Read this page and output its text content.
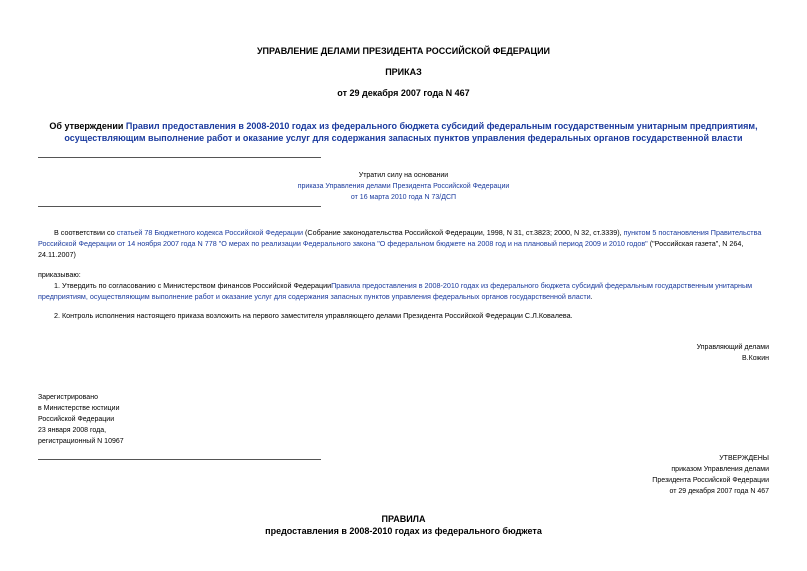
УПРАВЛЕНИЕ ДЕЛАМИ ПРЕЗИДЕНТА РОССИЙСКОЙ ФЕДЕРАЦИИ
ПРИКАЗ
от 29 декабря 2007 года N 467
Об утверждении Правил предоставления в 2008-2010 годах из федерального бюджета субсидий федеральным государственным унитарным предприятиям,
осуществляющим выполнение работ и оказание услуг для содержания запасных пунктов управления федеральных органов государственной власти
Утратил силу на основании
приказа Управления делами Президента Российской Федерации
от 16 марта 2010 года N 73/ДСП
В соответствии со статьей 78 Бюджетного кодекса Российской Федерации (Собрание законодательства Российской Федерации, 1998, N 31, ст.3823; 2000, N 32, ст.3339), пунктом 5 постановления Правительства
Российской Федерации от 14 ноября 2007 года N 778 "О мерах по реализации Федерального закона "О федеральном бюджете на 2008 год и на плановый период 2009 и 2010 годов" ("Российская газета", N 264,
24.11.2007)
приказываю:
1. Утвердить по согласованию с Министерством финансов Российской ФедерацииПравила предоставления в 2008-2010 годах из федерального бюджета субсидий федеральным государственным унитарным
предприятиям, осуществляющим выполнение работ и оказание услуг для содержания запасных пунктов управления федеральных органов государственной власти.
2. Контроль исполнения настоящего приказа возложить на первого заместителя управляющего делами Президента Российской Федерации С.Л.Ковалева.
Управляющий делами
В.Кожин
Зарегистрировано
в Министерстве юстиции
Российской Федерации
23 января 2008 года,
регистрационный N 10967
УТВЕРЖДЕНЫ
приказом Управления делами
Президента Российской Федерации
от 29 декабря 2007 года N 467
ПРАВИЛА
предоставления в 2008-2010 годах из федерального бюджета
